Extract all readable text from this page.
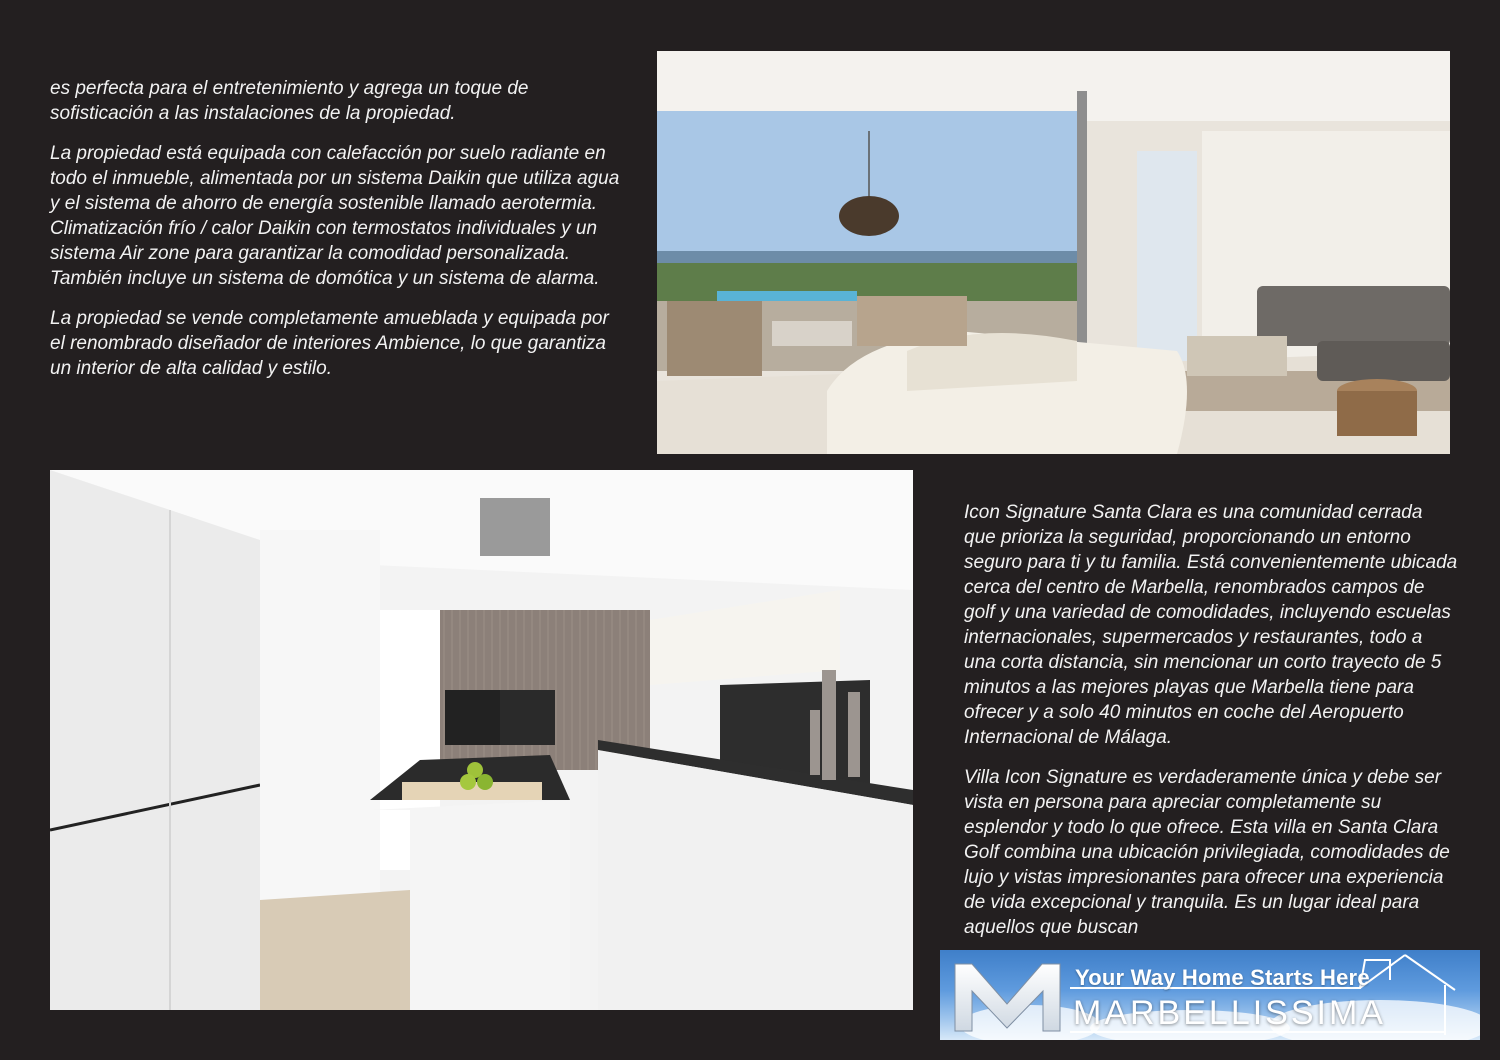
es perfecta para el entretenimiento y agrega un toque de sofisticación a las instalaciones de la propiedad.

La propiedad está equipada con calefacción por suelo radiante en todo el inmueble, alimentada por un sistema Daikin que utiliza agua y el sistema de ahorro de energía sostenible llamado aerotermia. Climatización frío / calor Daikin con termostatos individuales y un sistema Air zone para garantizar la comodidad personalizada. También incluye un sistema de domótica y un sistema de alarma.

La propiedad se vende completamente amueblada y equipada por el renombrado diseñador de interiores Ambience, lo que garantiza un interior de alta calidad y estilo.

Icon Signature Santa Clara es una comunidad cerrada que prioriza la seguridad, proporcionando un entorno seguro para ti y tu familia. Está convenientemente ubicada cerca del centro de Marbella, renombrados campos de golf y una variedad de comodidades, incluyendo escuelas internacionales, supermercados y restaurantes, todo a una corta distancia, sin mencionar un corto trayecto de 5 minutos a las mejores playas que Marbella tiene para ofrecer y a solo 40 minutos en coche del Aeropuerto Internacional de Málaga.

Villa Icon Signature es verdaderamente única y debe ser vista en persona para apreciar completamente su esplendor y todo lo que ofrece. Esta villa en Santa Clara Golf combina una ubicación privilegiada, comodidades de lujo y vistas impresionantes para ofrecer una experiencia de vida excepcional y tranquila. Es un lugar ideal para aquellos que buscan

Your Way Home Starts Here
MARBELLISSIMA
